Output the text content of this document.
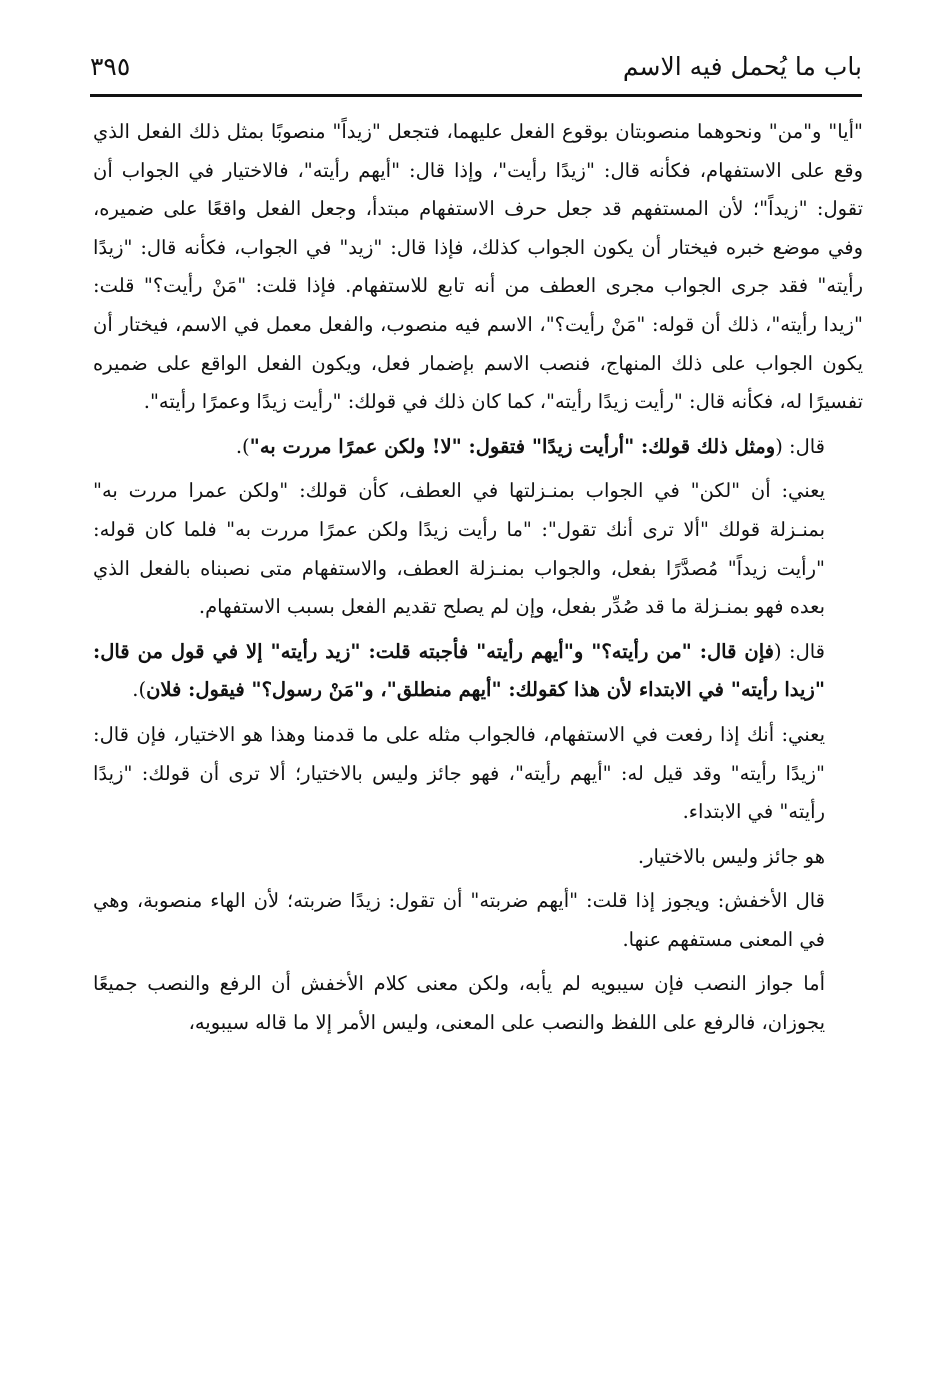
باب ما يُحمل فيه الاسم
٣٩٥

"أيا" و"من" ونحوهما منصوبتان بوقوع الفعل عليهما، فتجعل "زيداً" منصوبًا بمثل ذلك الفعل الذي وقع على الاستفهام، فكأنه قال: "زيدًا رأيت"، وإذا قال: "أيهم رأيته"، فالاختيار في الجواب أن تقول: "زيداً"؛ لأن المستفهم قد جعل حرف الاستفهام مبتدأ، وجعل الفعل واقعًا على ضميره، وفي موضع خبره فيختار أن يكون الجواب كذلك، فإذا قال: "زيد" في الجواب، فكأنه قال: "زيدًا رأيته" فقد جرى الجواب مجرى العطف من أنه تابع للاستفهام. فإذا قلت: "مَنْ رأيت؟" قلت: "زيدا رأيته"، ذلك أن قوله: "مَنْ رأيت؟"، الاسم فيه منصوب، والفعل معمل في الاسم، فيختار أن يكون الجواب على ذلك المنهاج، فنصب الاسم بإضمار فعل، ويكون الفعل الواقع على ضميره تفسيرًا له، فكأنه قال: "رأيت زيدًا رأيته"، كما كان ذلك في قولك: "رأيت زيدًا وعمرًا رأيته".

قال: (ومثل ذلك قولك: "أرأيت زيدًا" فتقول: "لا! ولكن عمرًا مررت به").

يعني: أن "لكن" في الجواب بمنـزلتها في العطف، كأن قولك: "ولكن عمرا مررت به" بمنـزلة قولك "ألا ترى أنك تقول": "ما رأيت زيدًا ولكن عمرًا مررت به" فلما كان قوله: "رأيت زيداً" مُصدَّرًا بفعل، والجواب بمنـزلة العطف، والاستفهام متى نصبناه بالفعل الذي بعده فهو بمنـزلة ما قد صُدِّر بفعل، وإن لم يصلح تقديم الفعل بسبب الاستفهام.

قال: (فإن قال: "من رأيته؟" و"أيهم رأيته" فأجبته قلت: "زيد رأيته" إلا في قول من قال: "زيدا رأيته" في الابتداء لأن هذا كقولك: "أيهم منطلق"، و"مَنْ رسول؟" فيقول: فلان).

يعني: أنك إذا رفعت في الاستفهام، فالجواب مثله على ما قدمنا وهذا هو الاختيار، فإن قال: "زيدًا رأيته" وقد قيل له: "أيهم رأيته"، فهو جائز وليس بالاختيار؛ ألا ترى أن قولك: "زيدًا رأيته" في الابتداء.

هو جائز وليس بالاختيار.

قال الأخفش: ويجوز إذا قلت: "أيهم ضربته" أن تقول: زيدًا ضربته؛ لأن الهاء منصوبة، وهي في المعنى مستفهم عنها.

أما جواز النصب فإن سيبويه لم يأبه، ولكن معنى كلام الأخفش أن الرفع والنصب جميعًا يجوزان، فالرفع على اللفظ والنصب على المعنى، وليس الأمر إلا ما قاله سيبويه،
